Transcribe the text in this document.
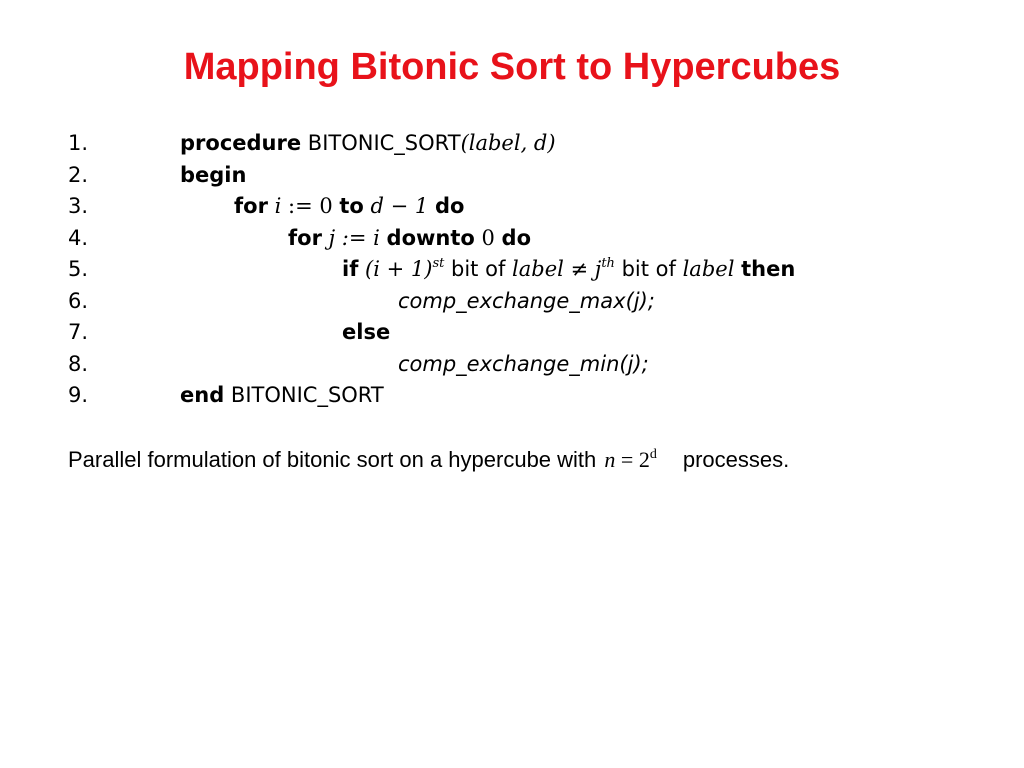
Mapping Bitonic Sort to Hypercubes
1.	procedure BITONIC_SORT(label, d)
2.	begin
3.	for i := 0 to d − 1 do
4.	for j := i downto 0 do
5.	if $(i + 1)^{st}$ bit of label ≠ $j^{th}$ bit of label then
6.	comp_exchange_max(j);
7.	else
8.	comp_exchange_min(j);
9.	end BITONIC_SORT
Parallel formulation of bitonic sort on a hypercube with $n = 2^d$ processes.
